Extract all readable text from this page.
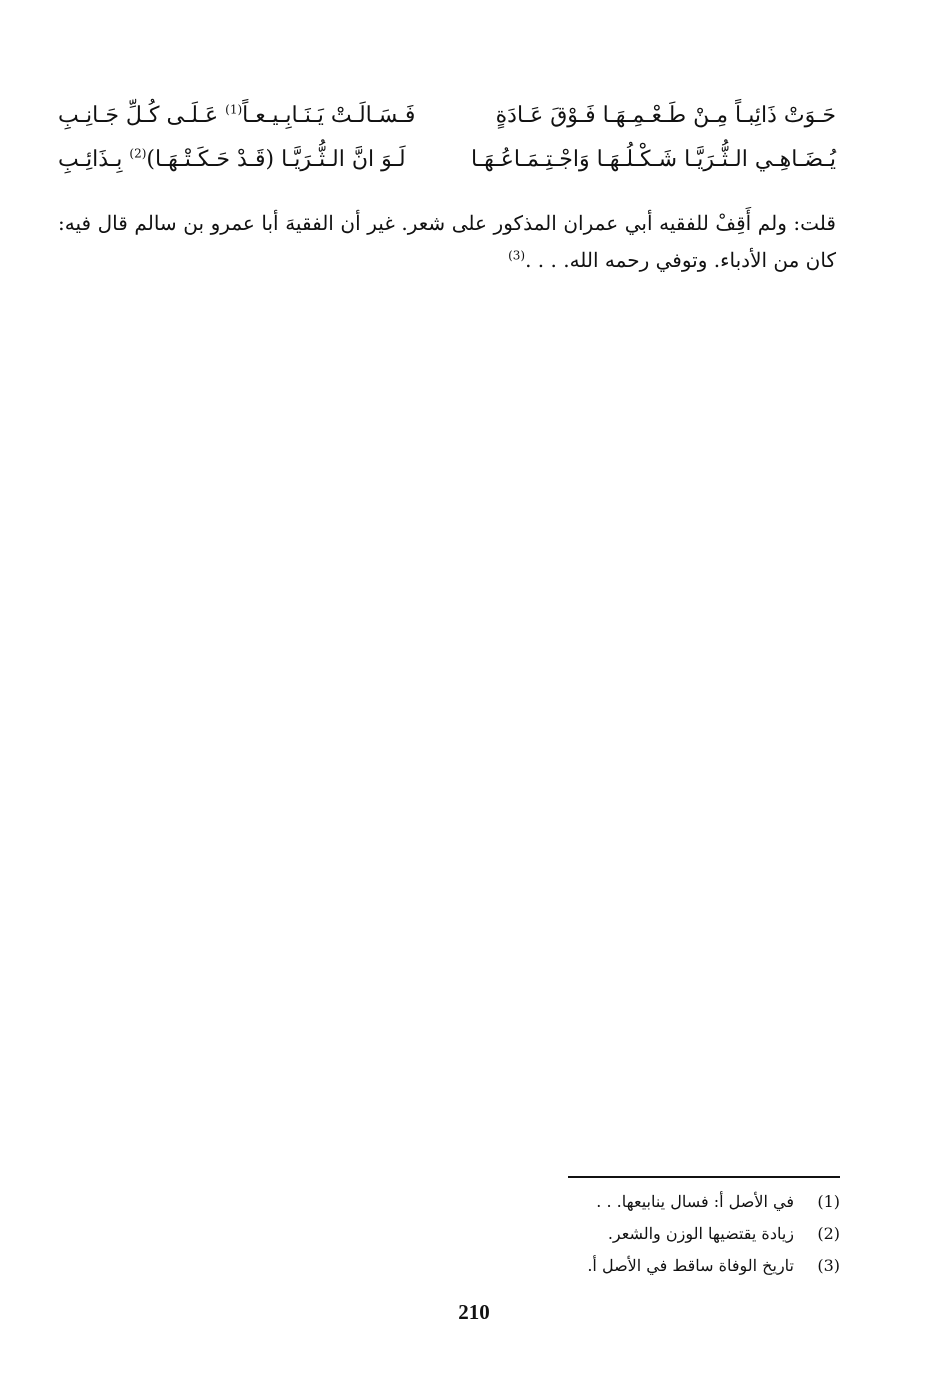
حَـوَتْ ذَائِبـاً مِـنْ طَـعْـمِـهَـا فَـوْقَ عَـادَةٍ
فَـسَـالَـتْ يَـنَـابِـيـعـاً$^{(1)}$ عَـلَـى كُـلِّ جَـانِـبِ
يُـضَـاهِـي الـثُّـرَيَّـا شَـكْـلُـهَـا وَاجْـتِـمَـاعُـهَـا
لَـوَ انَّ الـثُّـرَيَّـا (قَـدْ حَـكَـتْـهَـا)$^{(2)}$ بِـذَائِـبِ

قلت: ولم أَقِفْ للفقيه أبي عمران المذكور على شعر. غير أن الفقيهَ أبا عمرو بن سالم قال فيه: كان من الأدباء. وتوفي رحمه الله. . . .$^{(3)}$

(1)في الأصل أ: فسال ينابيعها. . .
(2)زيادة يقتضيها الوزن والشعر.
(3)تاريخ الوفاة ساقط في الأصل أ.
210
